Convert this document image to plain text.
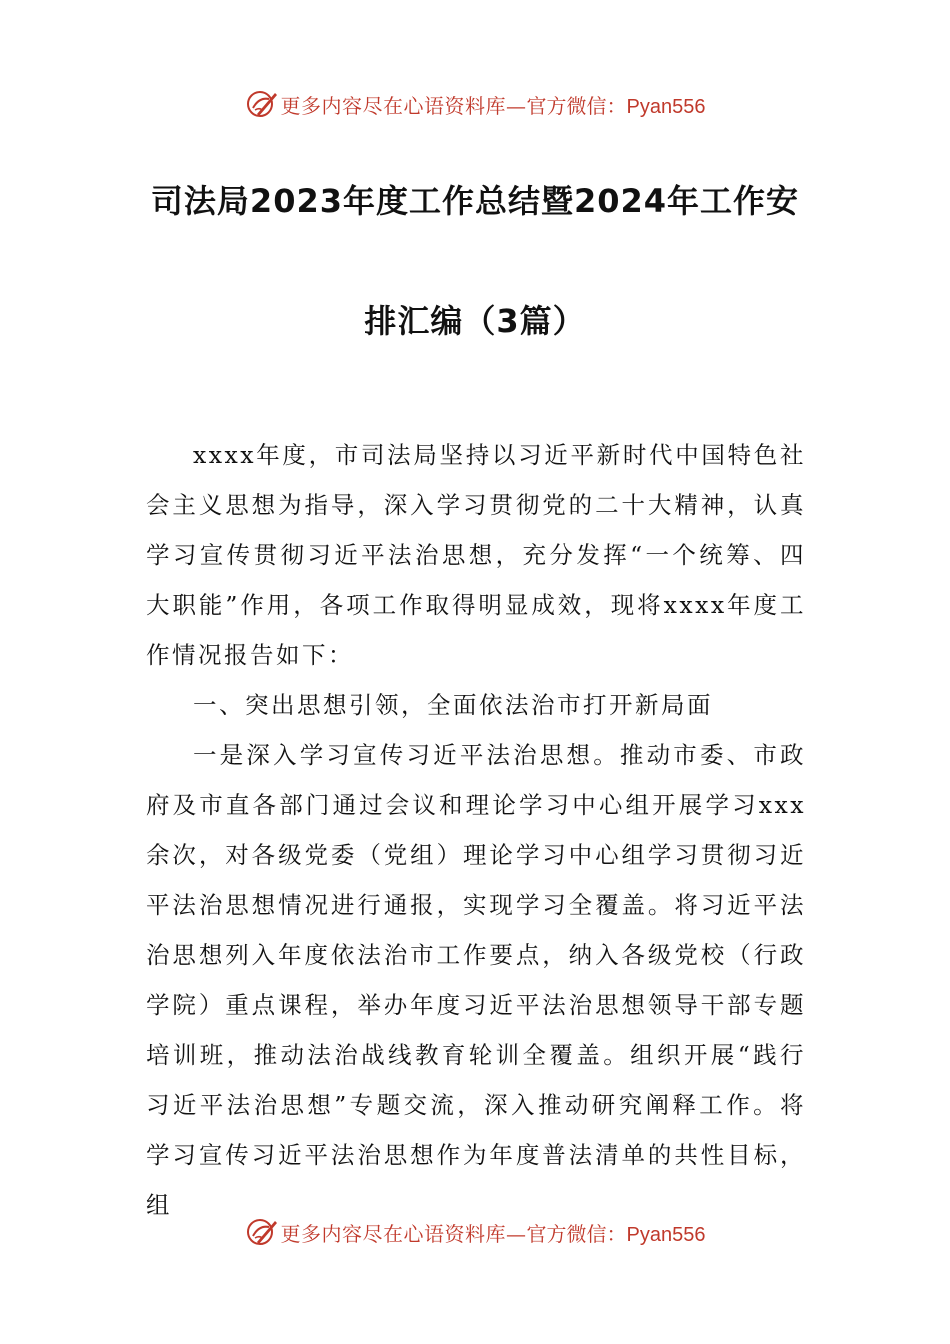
更多内容尽在心语资料库— 官方微信：Pyan556
司法局2023年度工作总结暨2024年工作安
排汇编（3篇）

xxxx年度，市司法局坚持以习近平新时代中国特色社会主义思想为指导，深入学习贯彻党的二十大精神，认真学习宣传贯彻习近平法治思想，充分发挥“一个统筹、四大职能”作用，各项工作取得明显成效，现将xxxx年度工作情况报告如下：

一、突出思想引领，全面依法治市打开新局面

一是深入学习宣传习近平法治思想。推动市委、市政府及市直各部门通过会议和理论学习中心组开展学习xxx余次，对各级党委（党组）理论学习中心组学习贯彻习近平法治思想情况进行通报，实现学习全覆盖。将习近平法治思想列入年度依法治市工作要点，纳入各级党校（行政学院）重点课程，举办年度习近平法治思想领导干部专题培训班，推动法治战线教育轮训全覆盖。组织开展“践行习近平法治思想”专题交流，深入推动研究阐释工作。将学习宣传习近平法治思想作为年度普法清单的共性目标，组

更多内容尽在心语资料库— 官方微信：Pyan556
